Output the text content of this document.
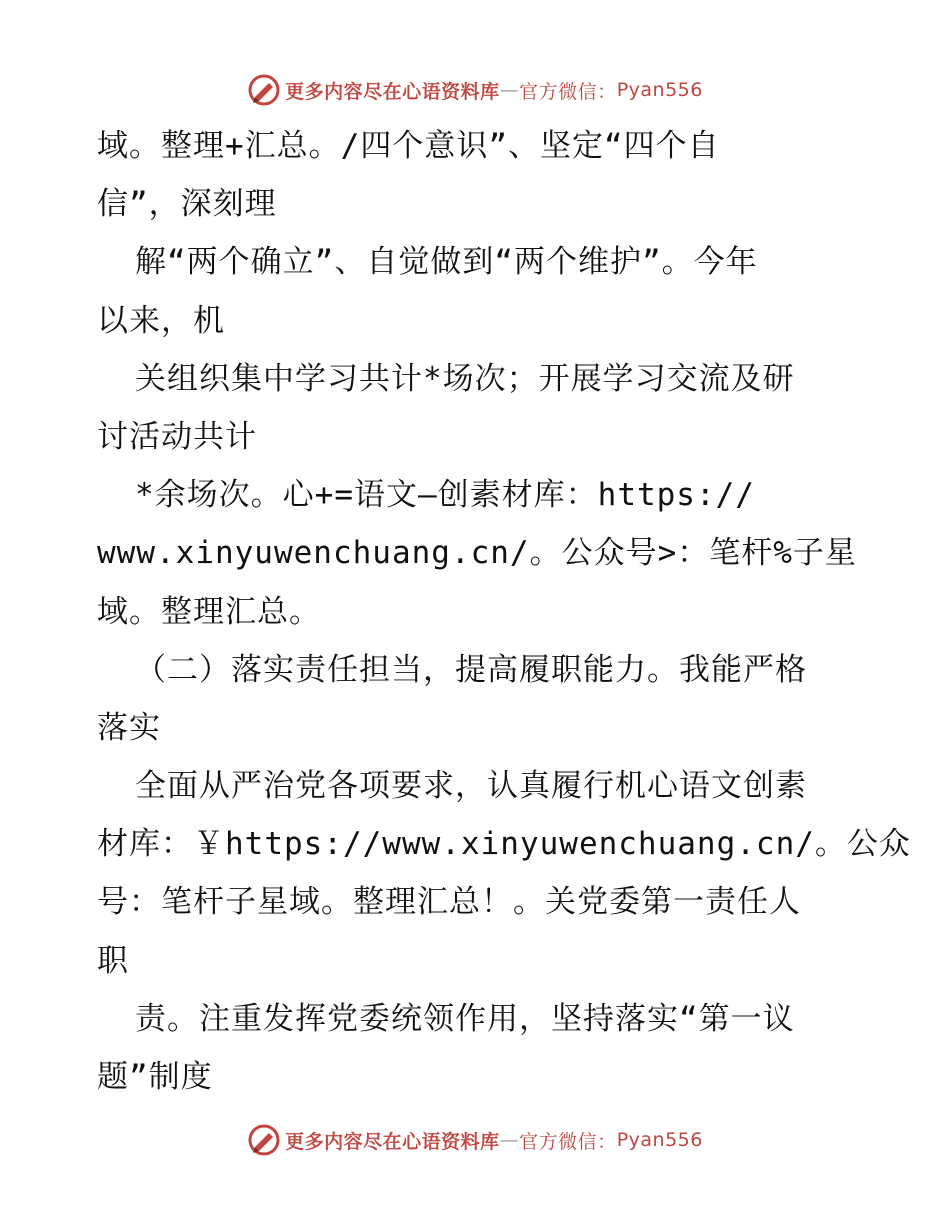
更多内容尽在心语资料库 — 官方微信： Pyan556
域。整理+汇总。/四个意识”、坚定“四个自
信”，深刻理
解“两个确立”、自觉做到“两个维护”。今年
以来，机
关组织集中学习共计*场次；开展学习交流及研
讨活动共计
*余场次。心+=语文—创素材库：https://
www.xinyuwenchuang.cn/。公众号>：笔杆%子星
域。整理汇总。
（二）落实责任担当，提高履职能力。我能严格
落实
全面从严治党各项要求，认真履行机心语文创素
材库：￥https://www.xinyuwenchuang.cn/。公众
号：笔杆子星域。整理汇总！。关党委第一责任人
职
责。注重发挥党委统领作用，坚持落实“第一议
题”制度
更多内容尽在心语资料库 — 官方微信： Pyan556
